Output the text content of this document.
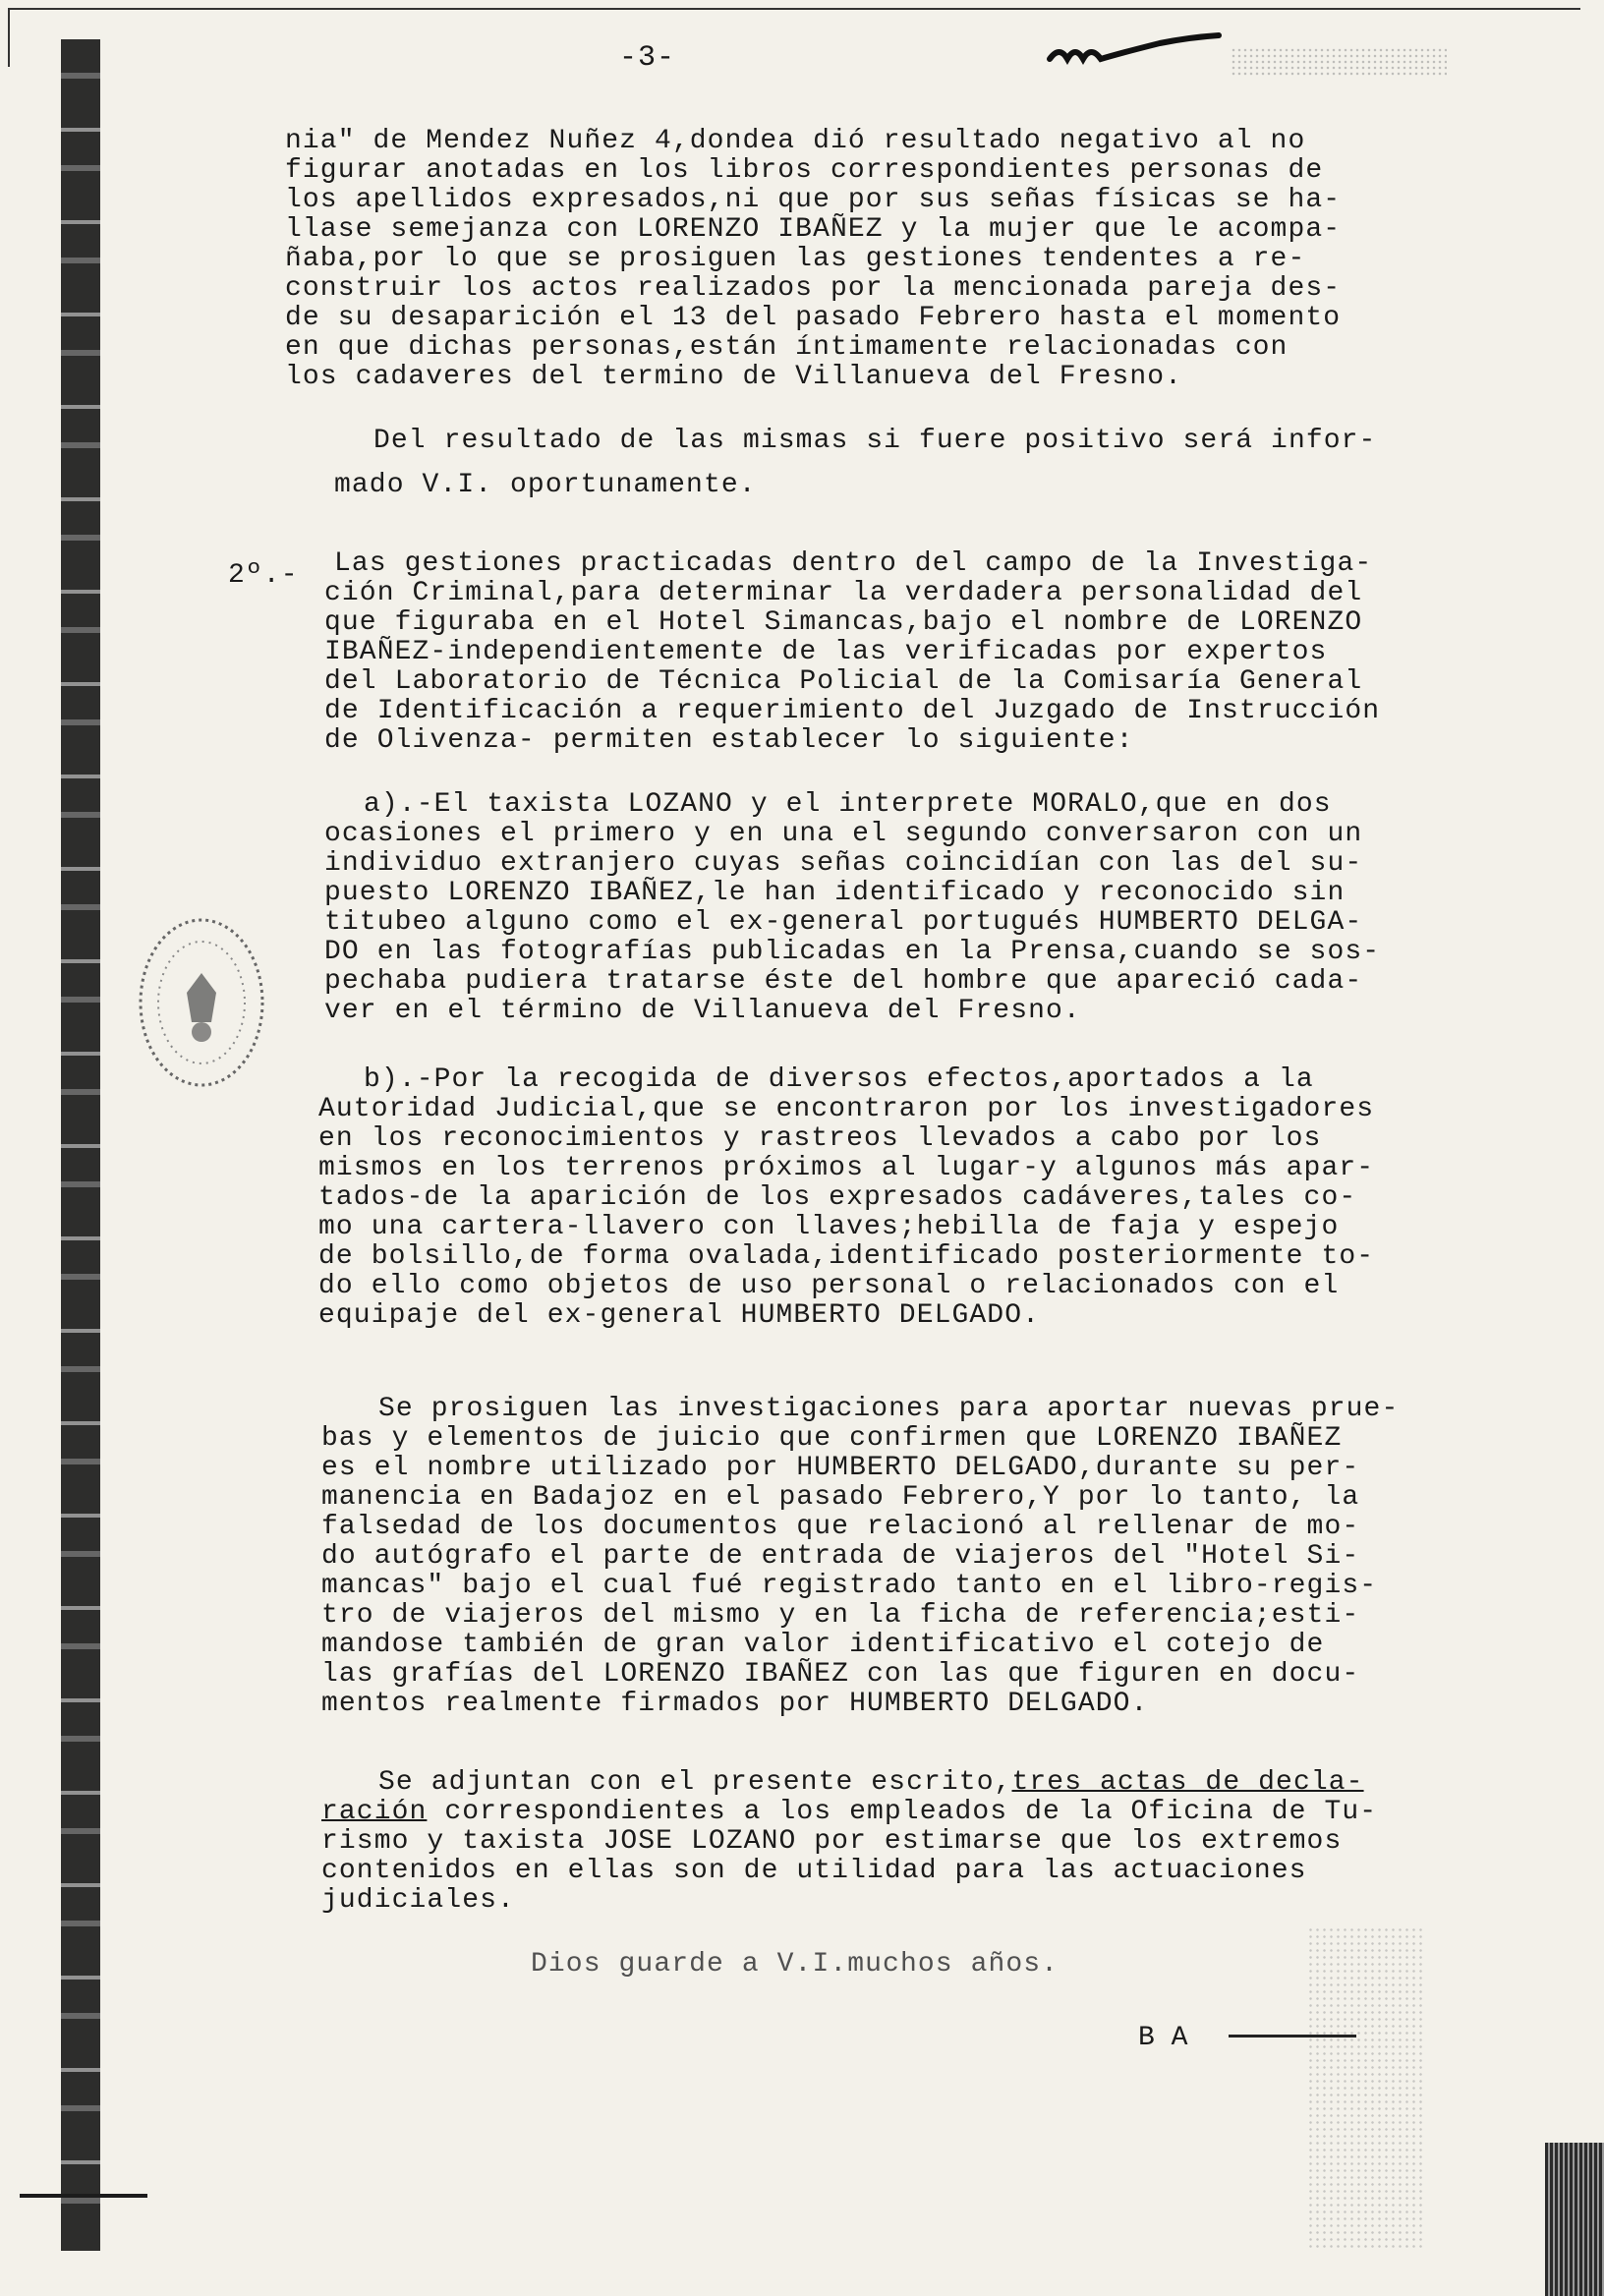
-3-
nia" de Mendez Nuñez 4,dondea dió resultado negativo al no
figurar anotadas en los libros correspondientes personas de
los apellidos expresados,ni que por sus señas físicas se ha-
llase semejanza con LORENZO IBAÑEZ y la mujer que le acompa-
ñaba,por lo que se prosiguen las gestiones tendentes a re-
construir los actos realizados por la mencionada pareja des-
de su desaparición el 13 del pasado Febrero hasta el momento
en que dichas personas,están íntimamente relacionadas con
los cadaveres del termino de Villanueva del Fresno.
Del resultado de las mismas si fuere positivo será infor-
mado V.I. oportunamente.
2º.- Las gestiones practicadas dentro del campo de la Investiga-
ción Criminal,para determinar la verdadera personalidad del
que figuraba en el Hotel Simancas,bajo el nombre de LORENZO
IBAÑEZ-independientemente de las verificadas por expertos
del Laboratorio de Técnica Policial de la Comisaría General
de Identificación a requerimiento del Juzgado de Instrucción
de Olivenza- permiten establecer lo siguiente:
a).-El taxista LOZANO y el interprete MORALO,que en dos
ocasiones el primero y en una el segundo conversaron con un
individuo extranjero cuyas señas coincidían con las del su-
puesto LORENZO IBAÑEZ,le han identificado y reconocido sin
titubeo alguno como el ex-general portugués HUMBERTO DELGA-
DO en las fotografías publicadas en la Prensa,cuando se sos-
pechaba pudiera tratarse éste del hombre que apareció cada-
ver en el término de Villanueva del Fresno.
b).-Por la recogida de diversos efectos,aportados a la
Autoridad Judicial,que se encontraron por los investigadores
en los reconocimientos y rastreos llevados a cabo por los
mismos en los terrenos próximos al lugar-y algunos más apar-
tados-de la aparición de los expresados cadáveres,tales co-
mo una cartera-llavero con llaves;hebilla de faja y espejo
de bolsillo,de forma ovalada,identificado posteriormente to-
do ello como objetos de uso personal o relacionados con el
equipaje del ex-general HUMBERTO DELGADO.
Se prosiguen las investigaciones para aportar nuevas prue-
bas y elementos de juicio que confirmen que LORENZO IBAÑEZ
es el nombre utilizado por HUMBERTO DELGADO,durante su per-
manencia en Badajoz en el pasado Febrero,Y por lo tanto, la
falsedad de los documentos que relacionó al rellenar de mo-
do autógrafo el parte de entrada de viajeros del "Hotel Si-
mancas" bajo el cual fué registrado tanto en el libro-regis-
tro de viajeros del mismo y en la ficha de referencia;esti-
mandose también de gran valor identificativo el cotejo de
las grafías del LORENZO IBAÑEZ con las que figuren en docu-
mentos realmente firmados por HUMBERTO DELGADO.
Se adjuntan con el presente escrito,tres actas de decla-
ración correspondientes a los empleados de la Oficina de Tu-
rismo y taxista JOSE LOZANO por estimarse que los extremos
contenidos en ellas son de utilidad para las actuaciones
judiciales.
Dios guarde a V.I.muchos años.
B A
